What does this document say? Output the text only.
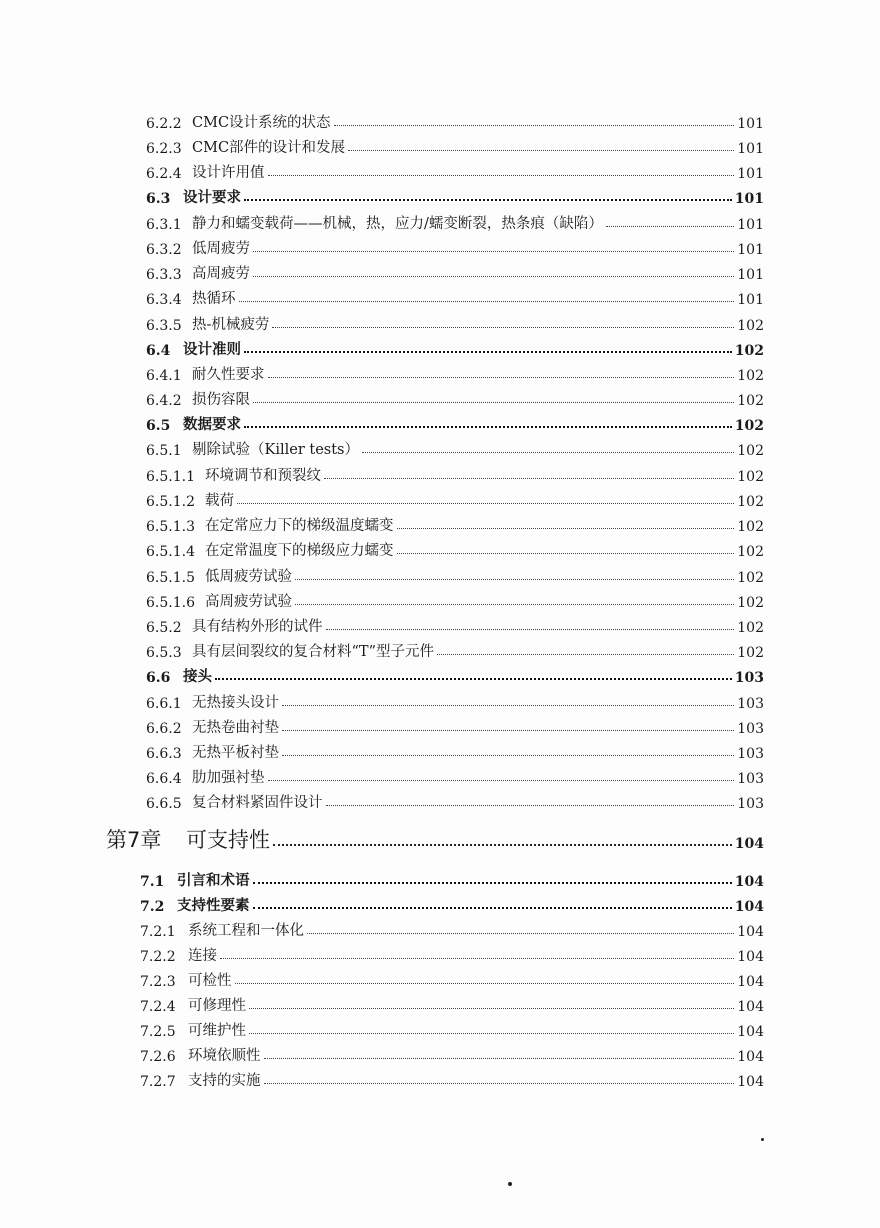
6.2.2 CMC设计系统的状态	101
6.2.3 CMC部件的设计和发展	101
6.2.4 设计许用值	101
6.3 设计要求	101
6.3.1 静力和蠕变载荷——机械，热，应力/蠕变断裂，热条痕（缺陷）	101
6.3.2 低周疲劳	101
6.3.3 高周疲劳	101
6.3.4 热循环	101
6.3.5 热-机械疲劳	102
6.4 设计准则	102
6.4.1 耐久性要求	102
6.4.2 损伤容限	102
6.5 数据要求	102
6.5.1 剔除试验（Killer tests）	102
6.5.1.1 环境调节和预裂纹	102
6.5.1.2 载荷	102
6.5.1.3 在定常应力下的梯级温度蠕变	102
6.5.1.4 在定常温度下的梯级应力蠕变	102
6.5.1.5 低周疲劳试验	102
6.5.1.6 高周疲劳试验	102
6.5.2 具有结构外形的试件	102
6.5.3 具有层间裂纹的复合材料“T”型子元件	102
6.6 接头	103
6.6.1 无热接头设计	103
6.6.2 无热卷曲衬垫	103
6.6.3 无热平板衬垫	103
6.6.4 肋加强衬垫	103
6.6.5 复合材料紧固件设计	103
第7章	可支持性	104
7.1 引言和术语	104
7.2 支持性要素	104
7.2.1 系统工程和一体化	104
7.2.2 连接	104
7.2.3 可检性	104
7.2.4 可修理性	104
7.2.5 可维护性	104
7.2.6 环境依顺性	104
7.2.7 支持的实施	104
